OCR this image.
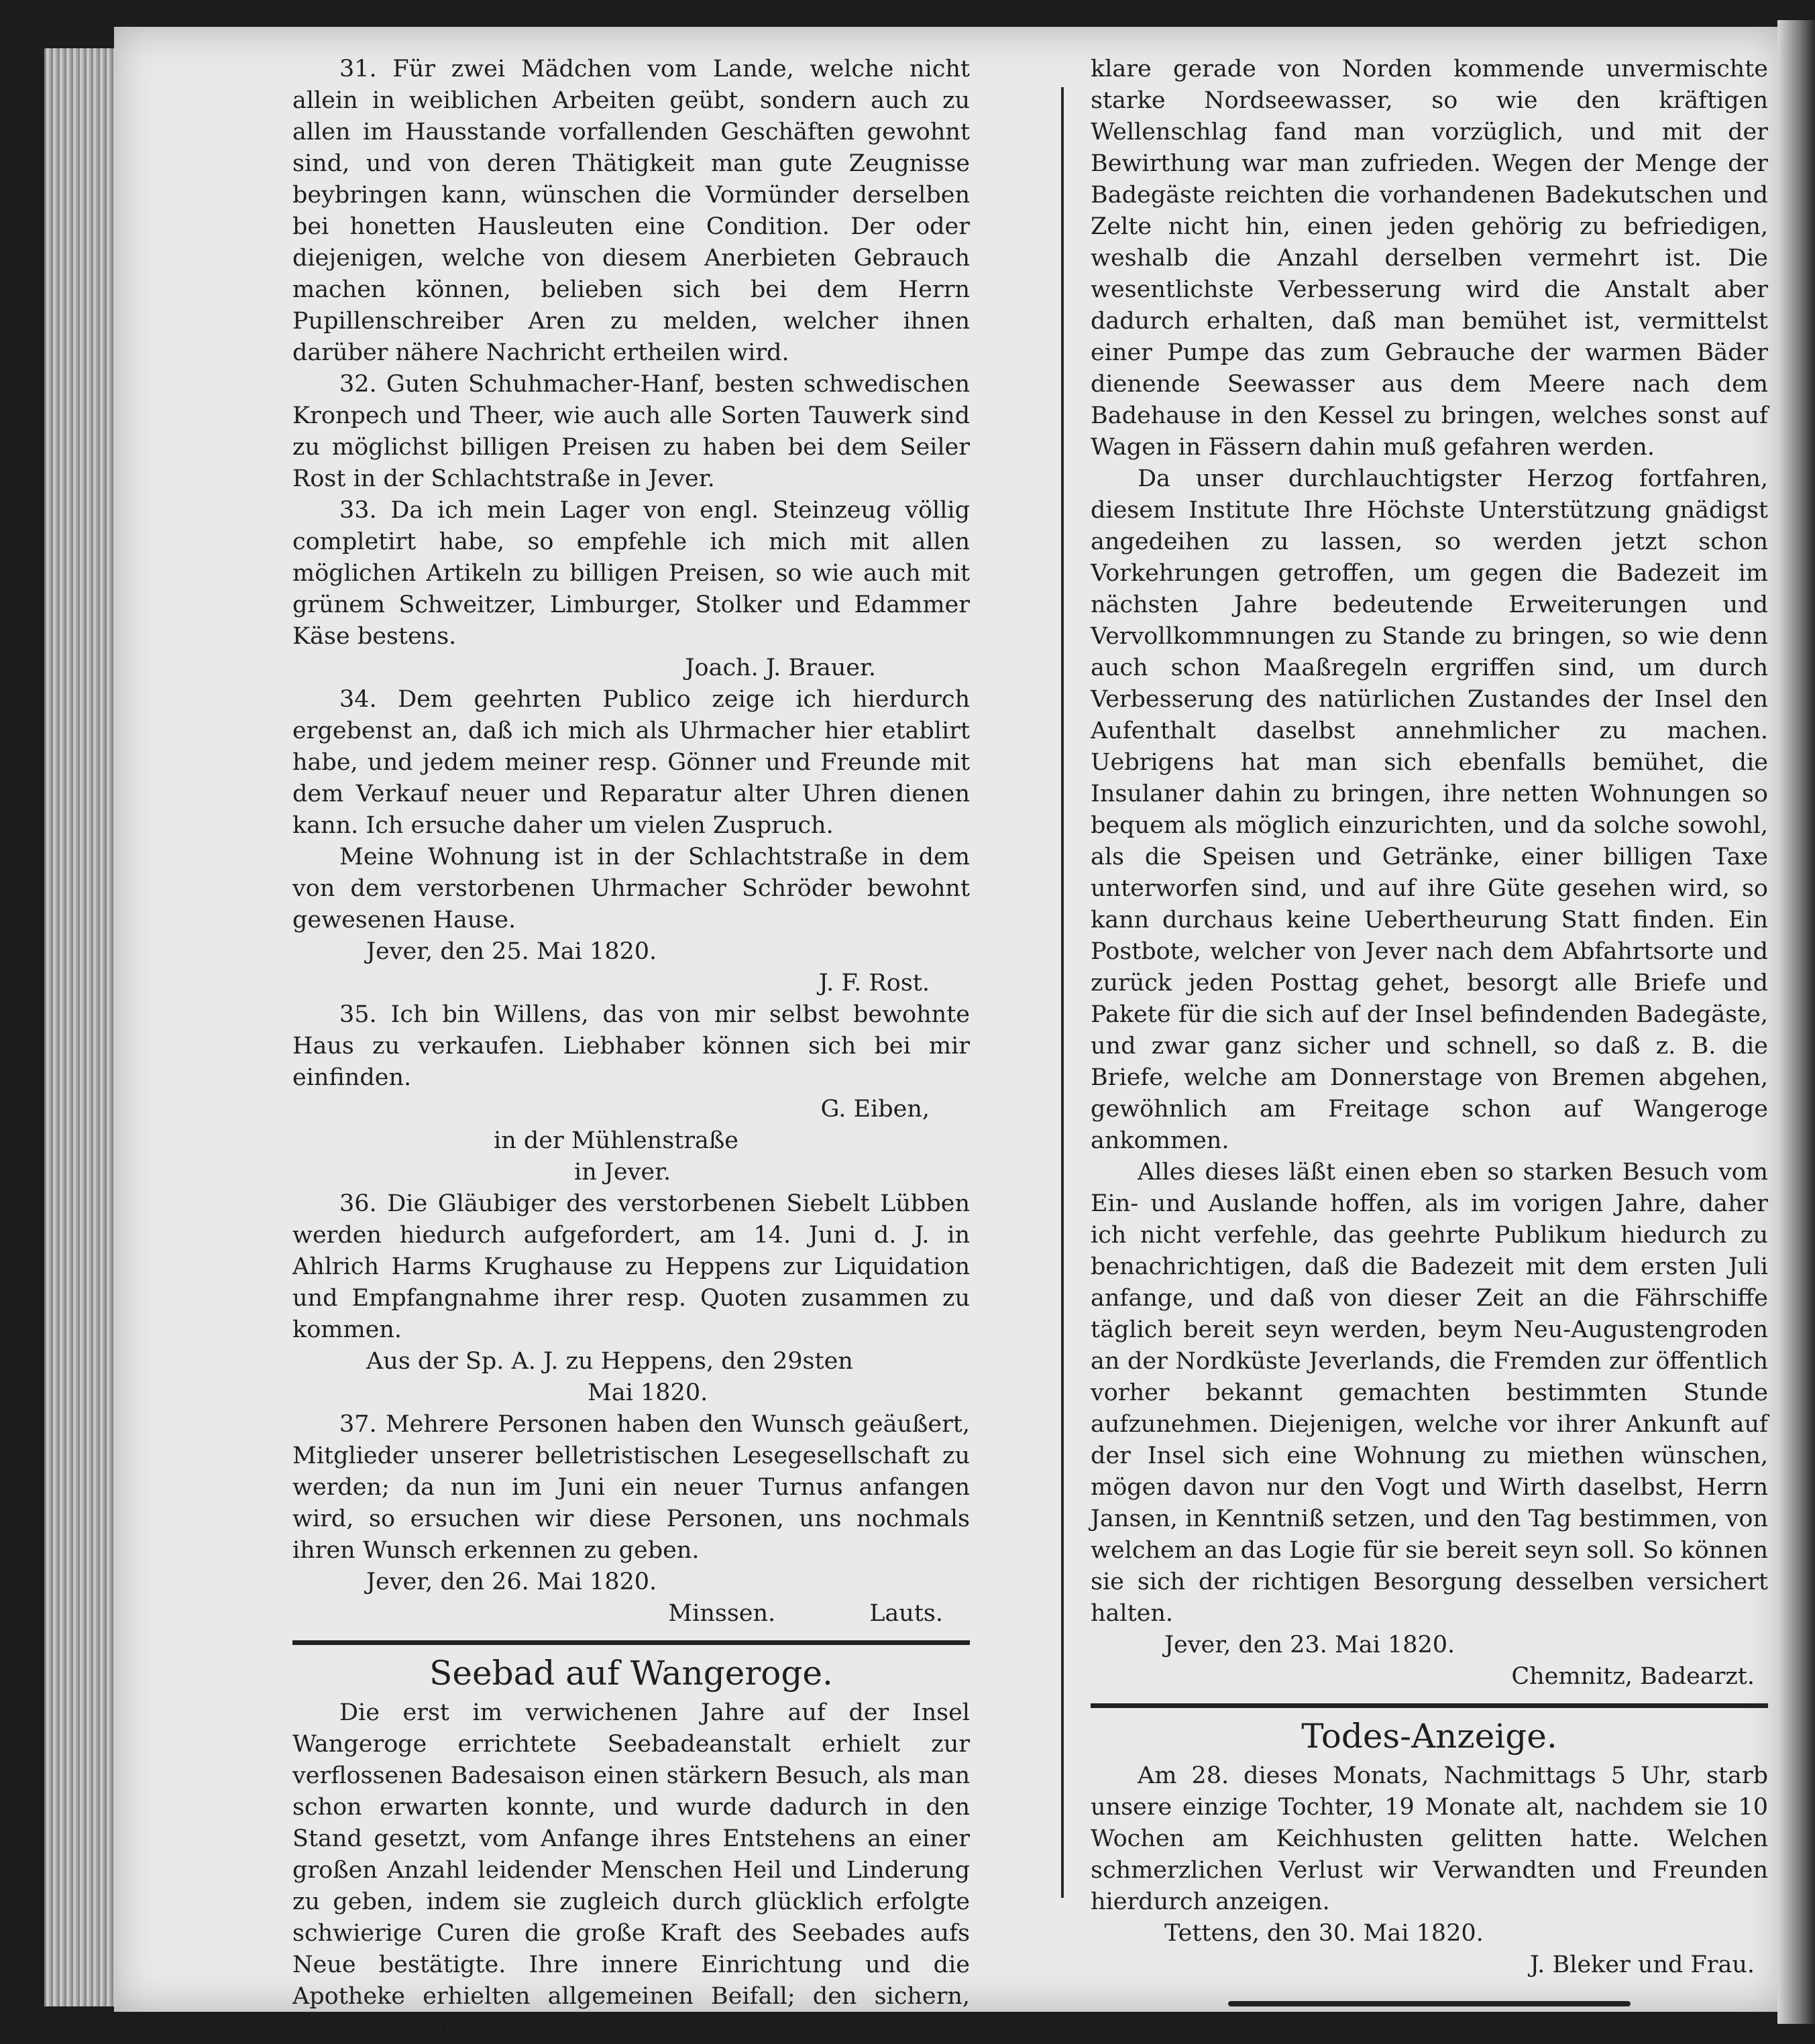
31. Für zwei Mädchen vom Lande, welche nicht allein in weiblichen Arbeiten geübt, sondern auch zu allen im Hausstande vorfallenden Geschäften gewohnt sind, und von deren Thätigkeit man gute Zeugnisse beybringen kann, wünschen die Vormünder derselben bei honetten Hausleuten eine Condition. Der oder diejenigen, welche von diesem Anerbieten Gebrauch machen können, belieben sich bei dem Herrn Pupillenschreiber Aren zu melden, welcher ihnen darüber nähere Nachricht ertheilen wird.

32. Guten Schuhmacher-Hanf, besten schwedischen Kronpech und Theer, wie auch alle Sorten Tauwerk sind zu möglichst billigen Preisen zu haben bei dem Seiler Rost in der Schlachtstraße in Jever.

33. Da ich mein Lager von engl. Steinzeug völlig completirt habe, so empfehle ich mich mit allen möglichen Artikeln zu billigen Preisen, so wie auch mit grünem Schweitzer, Limburger, Stolker und Edammer Käse bestens.

Joach. J. Brauer.

34. Dem geehrten Publico zeige ich hierdurch ergebenst an, daß ich mich als Uhrmacher hier etablirt habe, und jedem meiner resp. Gönner und Freunde mit dem Verkauf neuer und Reparatur alter Uhren dienen kann. Ich ersuche daher um vielen Zuspruch.

Meine Wohnung ist in der Schlachtstraße in dem von dem verstorbenen Uhrmacher Schröder bewohnt gewesenen Hause.

Jever, den 25. Mai 1820.

J. F. Rost.

35. Ich bin Willens, das von mir selbst bewohnte Haus zu verkaufen. Liebhaber können sich bei mir einfinden.

G. Eiben,

in der Mühlenstraße

in Jever.

36. Die Gläubiger des verstorbenen Siebelt Lübben werden hiedurch aufgefordert, am 14. Juni d. J. in Ahlrich Harms Krughause zu Heppens zur Liquidation und Empfangnahme ihrer resp. Quoten zusammen zu kommen.

Aus der Sp. A. J. zu Heppens, den 29sten

Mai 1820.

37. Mehrere Personen haben den Wunsch geäußert, Mitglieder unserer belletristischen Lesegesellschaft zu werden; da nun im Juni ein neuer Turnus anfangen wird, so ersuchen wir diese Personen, uns nochmals ihren Wunsch erkennen zu geben.

Jever, den 26. Mai 1820.

Minssen.	Lauts.
Seebad auf Wangeroge.

Die erst im verwichenen Jahre auf der Insel Wangeroge errichtete Seebadeanstalt erhielt zur verflossenen Badesaison einen stärkern Besuch, als man schon erwarten konnte, und wurde dadurch in den Stand gesetzt, vom Anfange ihres Entstehens an einer großen Anzahl leidender Menschen Heil und Linderung zu geben, indem sie zugleich durch glücklich erfolgte schwierige Curen die große Kraft des Seebades aufs Neue bestätigte. Ihre innere Einrichtung und die Apotheke erhielten allgemeinen Beifall; den sichern, festen, sandigen Badestrand, das

klare gerade von Norden kommende unvermischte starke Nordseewasser, so wie den kräftigen Wellenschlag fand man vorzüglich, und mit der Bewirthung war man zufrieden. Wegen der Menge der Badegäste reichten die vorhandenen Badekutschen und Zelte nicht hin, einen jeden gehörig zu befriedigen, weshalb die Anzahl derselben vermehrt ist. Die wesentlichste Verbesserung wird die Anstalt aber dadurch erhalten, daß man bemühet ist, vermittelst einer Pumpe das zum Gebrauche der warmen Bäder dienende Seewasser aus dem Meere nach dem Badehause in den Kessel zu bringen, welches sonst auf Wagen in Fässern dahin muß gefahren werden.

Da unser durchlauchtigster Herzog fortfahren, diesem Institute Ihre Höchste Unterstützung gnädigst angedeihen zu lassen, so werden jetzt schon Vorkehrungen getroffen, um gegen die Badezeit im nächsten Jahre bedeutende Erweiterungen und Vervollkommnungen zu Stande zu bringen, so wie denn auch schon Maaßregeln ergriffen sind, um durch Verbesserung des natürlichen Zustandes der Insel den Aufenthalt daselbst annehmlicher zu machen. Uebrigens hat man sich ebenfalls bemühet, die Insulaner dahin zu bringen, ihre netten Wohnungen so bequem als möglich einzurichten, und da solche sowohl, als die Speisen und Getränke, einer billigen Taxe unterworfen sind, und auf ihre Güte gesehen wird, so kann durchaus keine Uebertheurung Statt finden. Ein Postbote, welcher von Jever nach dem Abfahrtsorte und zurück jeden Posttag gehet, besorgt alle Briefe und Pakete für die sich auf der Insel befindenden Badegäste, und zwar ganz sicher und schnell, so daß z. B. die Briefe, welche am Donnerstage von Bremen abgehen, gewöhnlich am Freitage schon auf Wangeroge ankommen.

Alles dieses läßt einen eben so starken Besuch vom Ein- und Auslande hoffen, als im vorigen Jahre, daher ich nicht verfehle, das geehrte Publikum hiedurch zu benachrichtigen, daß die Badezeit mit dem ersten Juli anfange, und daß von dieser Zeit an die Fährschiffe täglich bereit seyn werden, beym Neu-Augustengroden an der Nordküste Jeverlands, die Fremden zur öffentlich vorher bekannt gemachten bestimmten Stunde aufzunehmen. Diejenigen, welche vor ihrer Ankunft auf der Insel sich eine Wohnung zu miethen wünschen, mögen davon nur den Vogt und Wirth daselbst, Herrn Jansen, in Kenntniß setzen, und den Tag bestimmen, von welchem an das Logie für sie bereit seyn soll. So können sie sich der richtigen Besorgung desselben versichert halten.

Jever, den 23. Mai 1820.

Chemnitz, Badearzt.

Todes-Anzeige.

Am 28. dieses Monats, Nachmittags 5 Uhr, starb unsere einzige Tochter, 19 Monate alt, nachdem sie 10 Wochen am Keichhusten gelitten hatte. Welchen schmerzlichen Verlust wir Verwandten und Freunden hierdurch anzeigen.

Tettens, den 30. Mai 1820.

J. Bleker und Frau.
